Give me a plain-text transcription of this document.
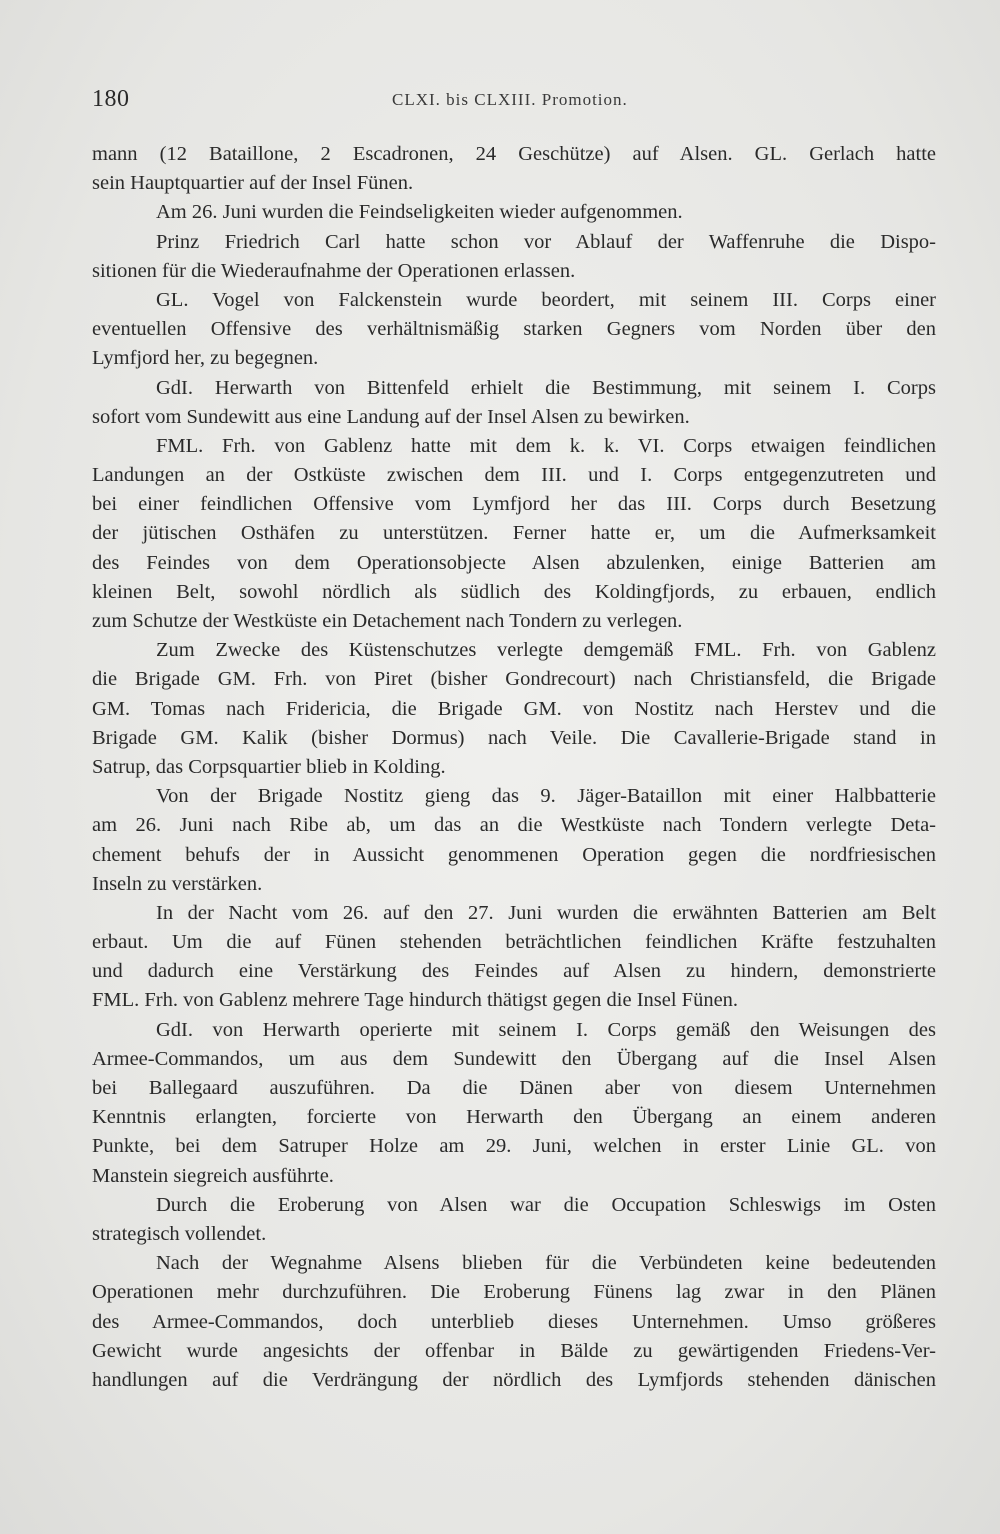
180	CLXI. bis CLXIII. Promotion.
mann (12 Bataillone, 2 Escadronen, 24 Geschütze) auf Alsen. GL. Gerlach hatte
sein Hauptquartier auf der Insel Fünen.
Am 26. Juni wurden die Feindseligkeiten wieder aufgenommen.
Prinz Friedrich Carl hatte schon vor Ablauf der Waffenruhe die Dispo-
sitionen für die Wiederaufnahme der Operationen erlassen.
GL. Vogel von Falckenstein wurde beordert, mit seinem III. Corps einer
eventuellen Offensive des verhältnismäßig starken Gegners vom Norden über den
Lymfjord her, zu begegnen.
GdI. Herwarth von Bittenfeld erhielt die Bestimmung, mit seinem I. Corps
sofort vom Sundewitt aus eine Landung auf der Insel Alsen zu bewirken.
FML. Frh. von Gablenz hatte mit dem k. k. VI. Corps etwaigen feindlichen
Landungen an der Ostküste zwischen dem III. und I. Corps entgegenzutreten und
bei einer feindlichen Offensive vom Lymfjord her das III. Corps durch Besetzung
der jütischen Osthäfen zu unterstützen. Ferner hatte er, um die Aufmerksamkeit
des Feindes von dem Operationsobjecte Alsen abzulenken, einige Batterien am
kleinen Belt, sowohl nördlich als südlich des Koldingfjords, zu erbauen, endlich
zum Schutze der Westküste ein Detachement nach Tondern zu verlegen.
Zum Zwecke des Küstenschutzes verlegte demgemäß FML. Frh. von Gablenz
die Brigade GM. Frh. von Piret (bisher Gondrecourt) nach Christiansfeld, die Brigade
GM. Tomas nach Fridericia, die Brigade GM. von Nostitz nach Herstev und die
Brigade GM. Kalik (bisher Dormus) nach Veile. Die Cavallerie-Brigade stand in
Satrup, das Corpsquartier blieb in Kolding.
Von der Brigade Nostitz gieng das 9. Jäger-Bataillon mit einer Halbbatterie
am 26. Juni nach Ribe ab, um das an die Westküste nach Tondern verlegte Deta-
chement behufs der in Aussicht genommenen Operation gegen die nordfriesischen
Inseln zu verstärken.
In der Nacht vom 26. auf den 27. Juni wurden die erwähnten Batterien am Belt
erbaut. Um die auf Fünen stehenden beträchtlichen feindlichen Kräfte festzuhalten
und dadurch eine Verstärkung des Feindes auf Alsen zu hindern, demonstrierte
FML. Frh. von Gablenz mehrere Tage hindurch thätigst gegen die Insel Fünen.
GdI. von Herwarth operierte mit seinem I. Corps gemäß den Weisungen des
Armee-Commandos, um aus dem Sundewitt den Übergang auf die Insel Alsen
bei Ballegaard auszuführen. Da die Dänen aber von diesem Unternehmen
Kenntnis erlangten, forcierte von Herwarth den Übergang an einem anderen
Punkte, bei dem Satruper Holze am 29. Juni, welchen in erster Linie GL. von
Manstein siegreich ausführte.
Durch die Eroberung von Alsen war die Occupation Schleswigs im Osten
strategisch vollendet.
Nach der Wegnahme Alsens blieben für die Verbündeten keine bedeutenden
Operationen mehr durchzuführen. Die Eroberung Fünens lag zwar in den Plänen
des Armee-Commandos, doch unterblieb dieses Unternehmen. Umso größeres
Gewicht wurde angesichts der offenbar in Bälde zu gewärtigenden Friedens-Ver-
handlungen auf die Verdrängung der nördlich des Lymfjords stehenden dänischen
